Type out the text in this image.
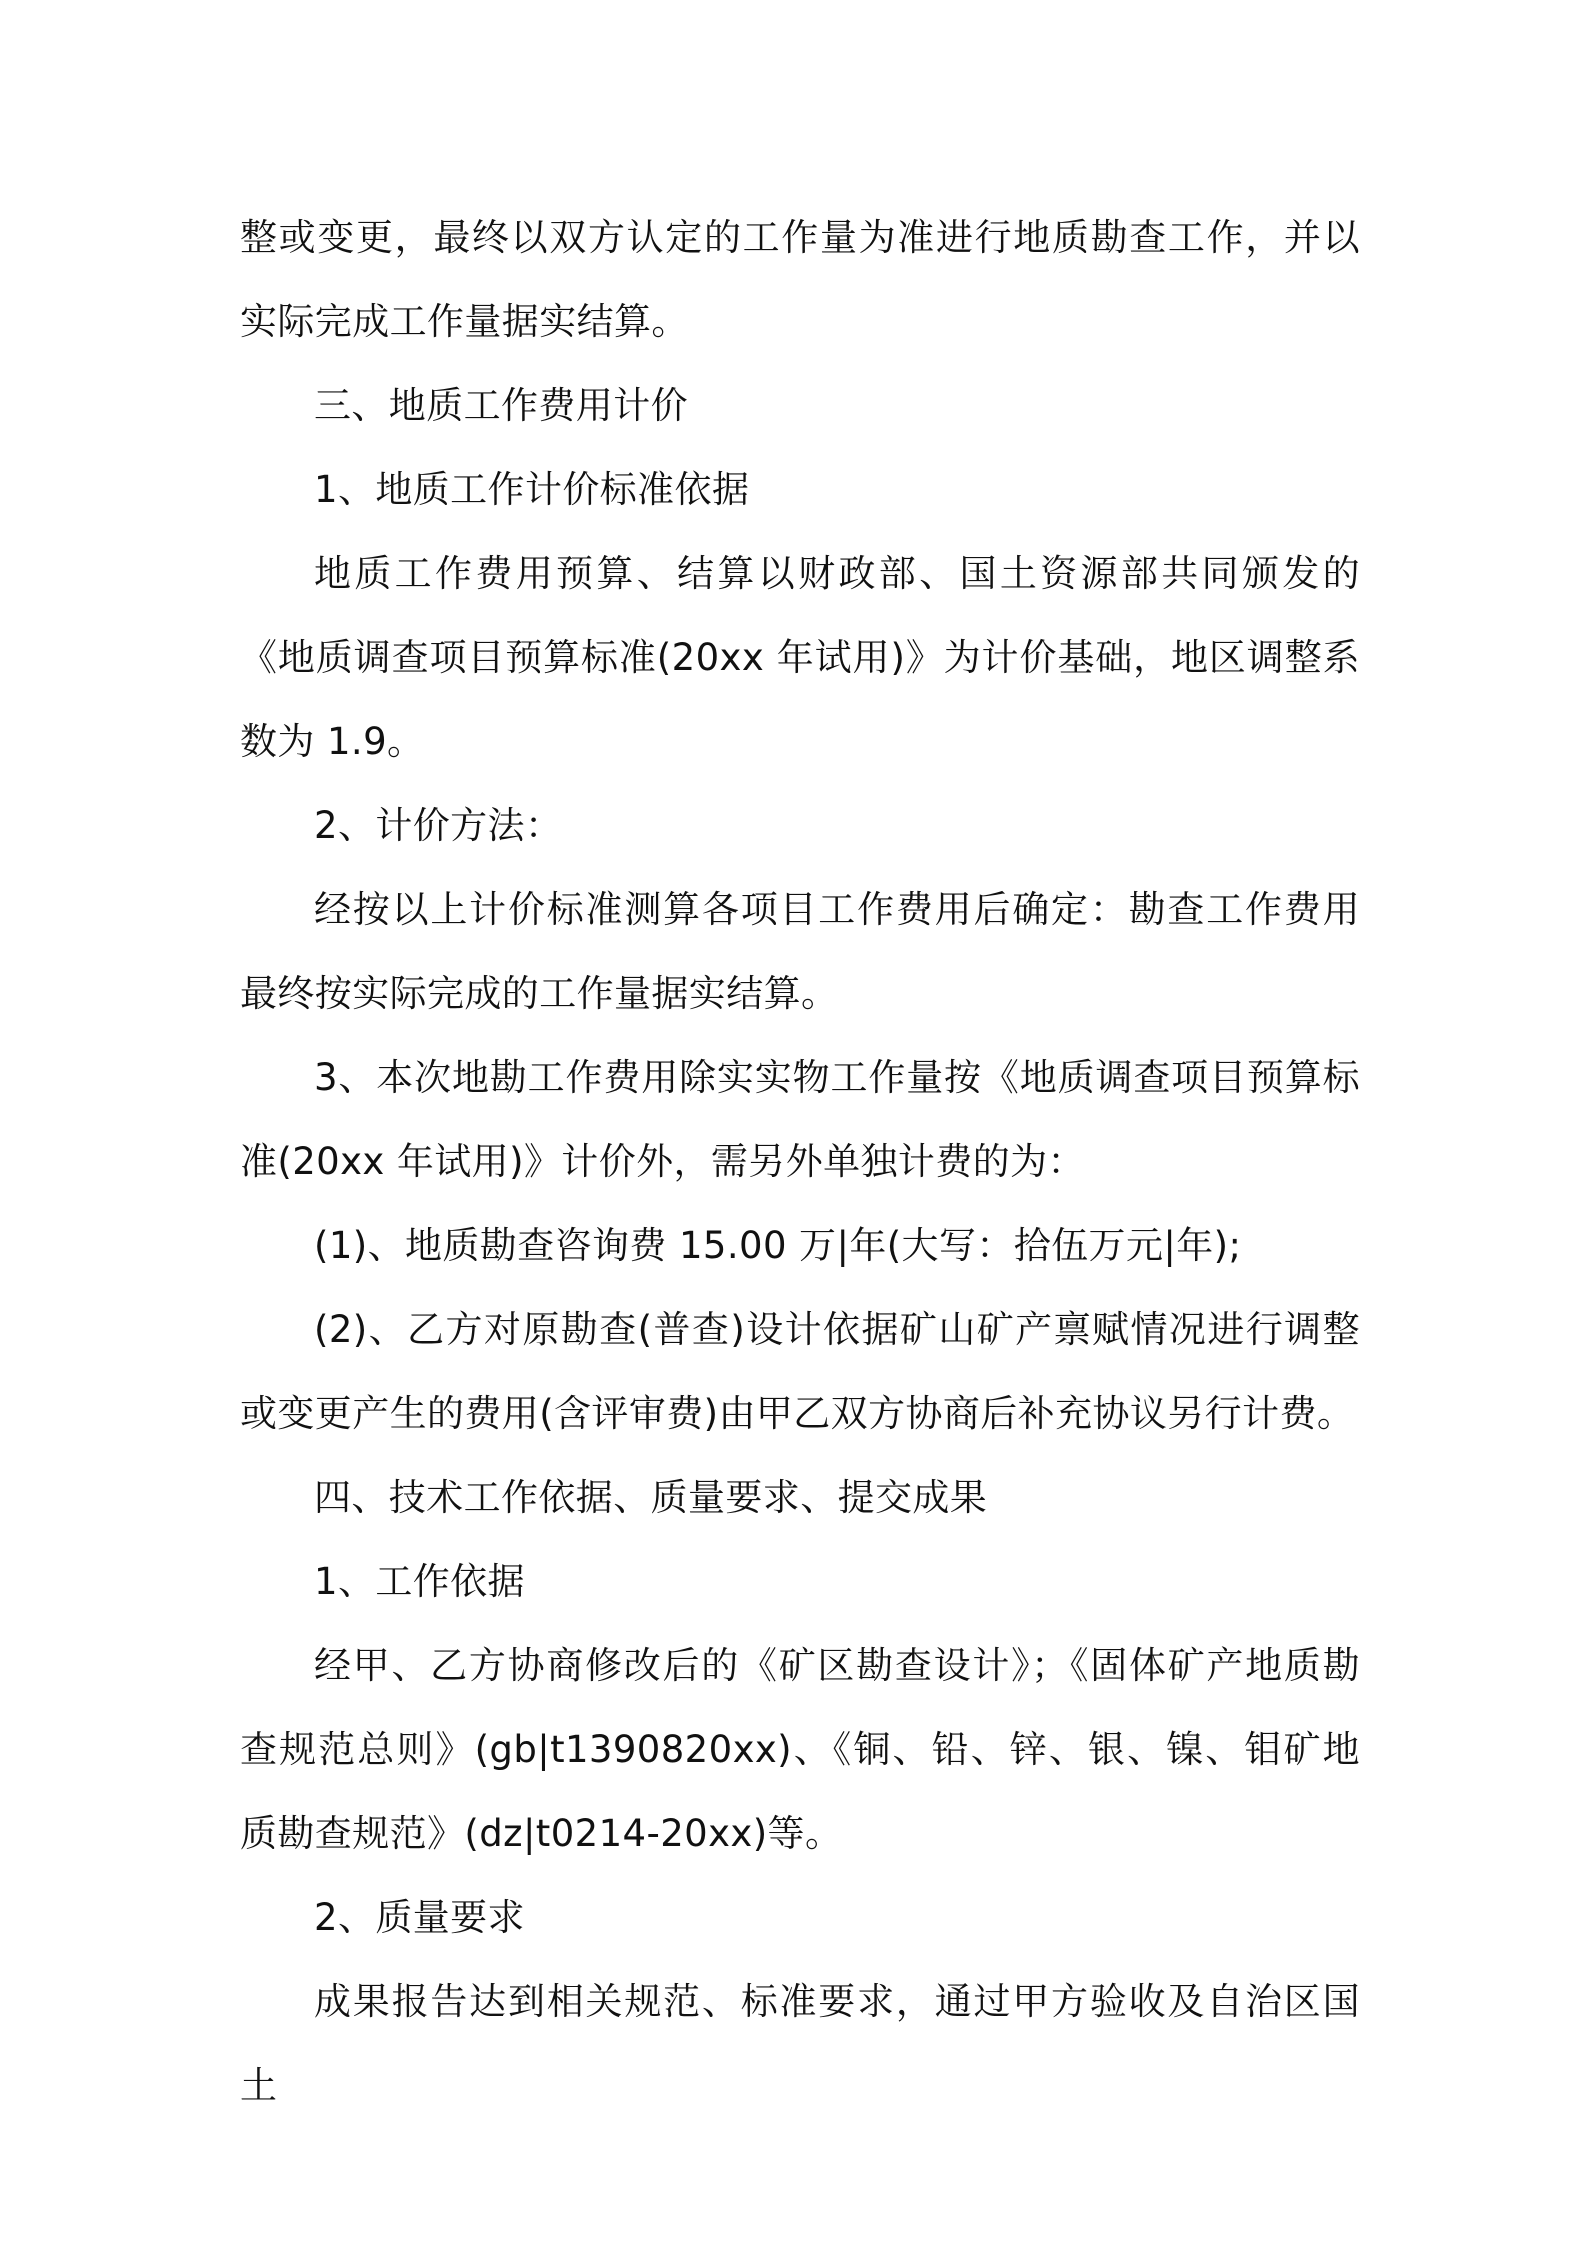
整或变更，最终以双方认定的工作量为准进行地质勘查工作，并以实际完成工作量据实结算。

三、地质工作费用计价

1、地质工作计价标准依据

地质工作费用预算、结算以财政部、国土资源部共同颁发的《地质调查项目预算标准(20xx 年试用)》为计价基础，地区调整系数为 1.9。

2、计价方法：

经按以上计价标准测算各项目工作费用后确定：勘查工作费用最终按实际完成的工作量据实结算。

3、本次地勘工作费用除实实物工作量按《地质调查项目预算标准(20xx 年试用)》计价外，需另外单独计费的为：

(1)、地质勘查咨询费 15.00 万|年(大写：拾伍万元|年);

(2)、乙方对原勘查(普查)设计依据矿山矿产禀赋情况进行调整或变更产生的费用(含评审费)由甲乙双方协商后补充协议另行计费。

四、技术工作依据、质量要求、提交成果

1、工作依据

经甲、乙方协商修改后的《矿区勘查设计》；《固体矿产地质勘查规范总则》(gb|t1390820xx)、《铜、铅、锌、银、镍、钼矿地质勘查规范》(dz|t0214-20xx)等。

2、质量要求

成果报告达到相关规范、标准要求，通过甲方验收及自治区国土
